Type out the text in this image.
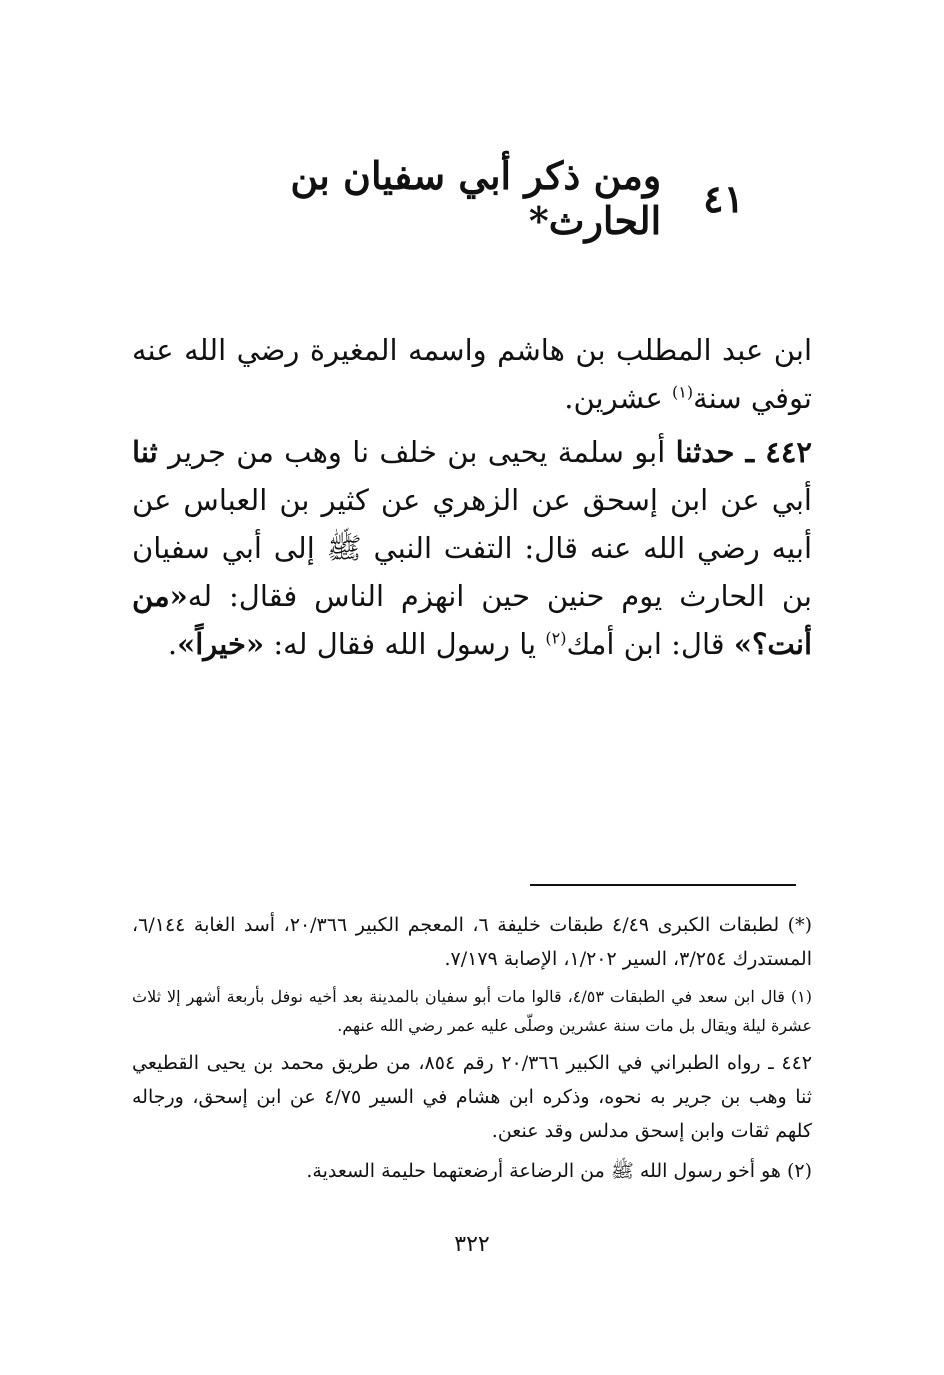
٤١
ومن ذكر أبي سفيان بن الحارث*

ابن عبد المطلب بن هاشم واسمه المغيرة رضي الله عنه توفي سنة$^{(١)}$ عشرين.

٤٤٢ ـ حدثنا أبو سلمة يحيى بن خلف نا وهب من جرير ثنا أبي عن ابن إسحق عن الزهري عن كثير بن العباس عن أبيه رضي الله عنه قال: التفت النبي ﷺ إلى أبي سفيان بن الحارث يوم حنين حين انهزم الناس فقال: له«من أنت؟» قال: ابن أمك$^{(٢)}$ يا رسول الله فقال له: «خيراً».

(*) لطبقات الكبرى ٤/٤٩ طبقات خليفة ٦، المعجم الكبير ٢٠/٣٦٦، أسد الغابة ٦/١٤٤، المستدرك ٣/٢٥٤، السير ١/٢٠٢، الإصابة ٧/١٧٩.

(١) قال ابن سعد في الطبقات ٤/٥٣، قالوا مات أبو سفيان بالمدينة بعد أخيه نوفل بأربعة أشهر إلا ثلاث عشرة ليلة ويقال بل مات سنة عشرين وصلّى عليه عمر رضي الله عنهم.

٤٤٢ ـ رواه الطبراني في الكبير ٢٠/٣٦٦ رقم ٨٥٤، من طريق محمد بن يحيى القطيعي ثنا وهب بن جرير به نحوه، وذكره ابن هشام في السير ٤/٧٥ عن ابن إسحق، ورجاله كلهم ثقات وابن إسحق مدلس وقد عنعن.

(٢) هو أخو رسول الله ﷺ من الرضاعة أرضعتهما حليمة السعدية.

٣٢٢
